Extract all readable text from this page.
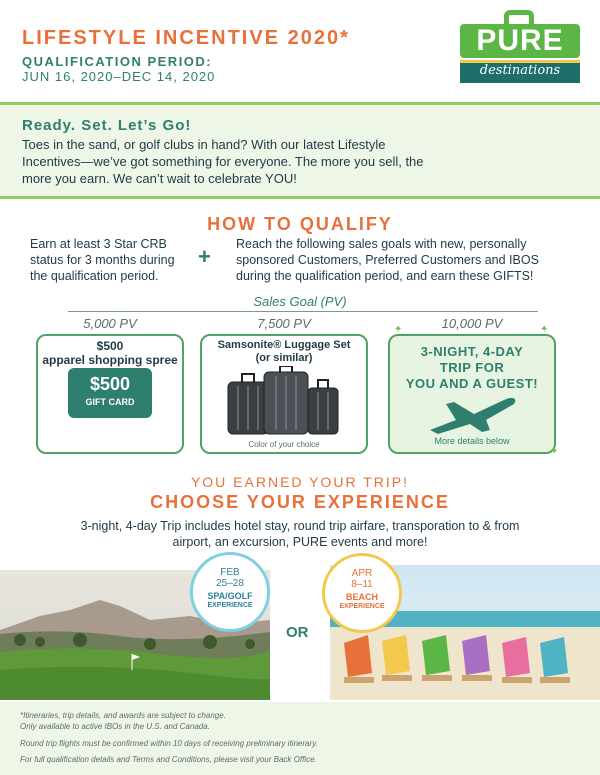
LIFESTYLE INCENTIVE 2020*
QUALIFICATION PERIOD:
JUN 16, 2020–DEC 14, 2020
PURE
destinations
Ready. Set. Let’s Go!
Toes in the sand, or golf clubs in hand? With our latest Lifestyle Incentives—we’ve got something for everyone. The more you sell, the more you earn. We can’t wait to celebrate YOU!
HOW TO QUALIFY
Earn at least 3 Star CRB status for 3 months during the qualification period.
+ Reach the following sales goals with new, personally sponsored Customers, Preferred Customers and IBOS during the qualification period, and earn these GIFTS!
Sales Goal (PV)
5,000 PV	7,500 PV	10,000 PV
$500
apparel shopping spree
$500
GIFT CARD
Samsonite® Luggage Set
(or similar)
Color of your choice
✦	✦
✦
3-NIGHT, 4-DAY
TRIP FOR
YOU AND A GUEST!
More details below
YOU EARNED YOUR TRIP!
CHOOSE YOUR EXPERIENCE
3-night, 4-day Trip includes hotel stay, round trip airfare, transporation to & from airport, an excursion, PURE events and more!
FEB
25–28
SPA/GOLF
EXPERIENCE
APR
8–11
BEACH
EXPERIENCE
OR
*Itineraries, trip details, and awards are subject to change.
Only available to active IBOs in the U.S. and Canada.
Round trip flights must be confirmed within 10 days of receiving preliminary itinerary.
For full qualification details and Terms and Conditions, please visit your Back Office.
